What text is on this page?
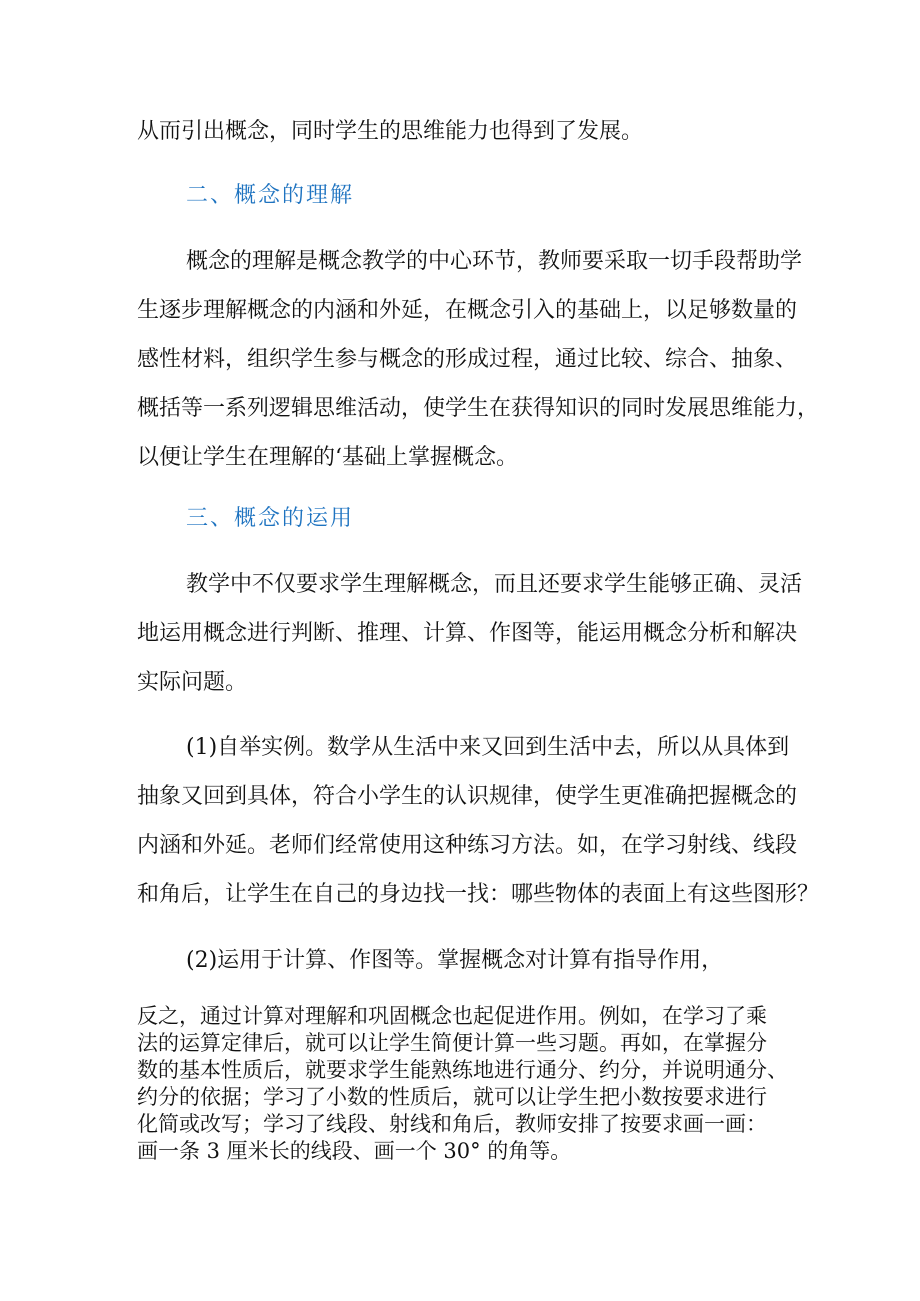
从而引出概念，同时学生的思维能力也得到了发展。
二、概念的理解
概念的理解是概念教学的中心环节，教师要采取一切手段帮助学
生逐步理解概念的内涵和外延，在概念引入的基础上，以足够数量的
感性材料，组织学生参与概念的形成过程，通过比较、综合、抽象、
概括等一系列逻辑思维活动，使学生在获得知识的同时发展思维能力，
以便让学生在理解的‘基础上掌握概念。
三、概念的运用
教学中不仅要求学生理解概念，而且还要求学生能够正确、灵活
地运用概念进行判断、推理、计算、作图等，能运用概念分析和解决
实际问题。
(1)自举实例。数学从生活中来又回到生活中去，所以从具体到
抽象又回到具体，符合小学生的认识规律，使学生更准确把握概念的
内涵和外延。老师们经常使用这种练习方法。如，在学习射线、线段
和角后，让学生在自己的身边找一找：哪些物体的表面上有这些图形？
(2)运用于计算、作图等。掌握概念对计算有指导作用，
反之，通过计算对理解和巩固概念也起促进作用。例如，在学习了乘
法的运算定律后，就可以让学生简便计算一些习题。再如，在掌握分
数的基本性质后，就要求学生能熟练地进行通分、约分，并说明通分、
约分的依据；学习了小数的性质后，就可以让学生把小数按要求进行
化简或改写；学习了线段、射线和角后，教师安排了按要求画一画：
画一条 3 厘米长的线段、画一个 30° 的角等。
